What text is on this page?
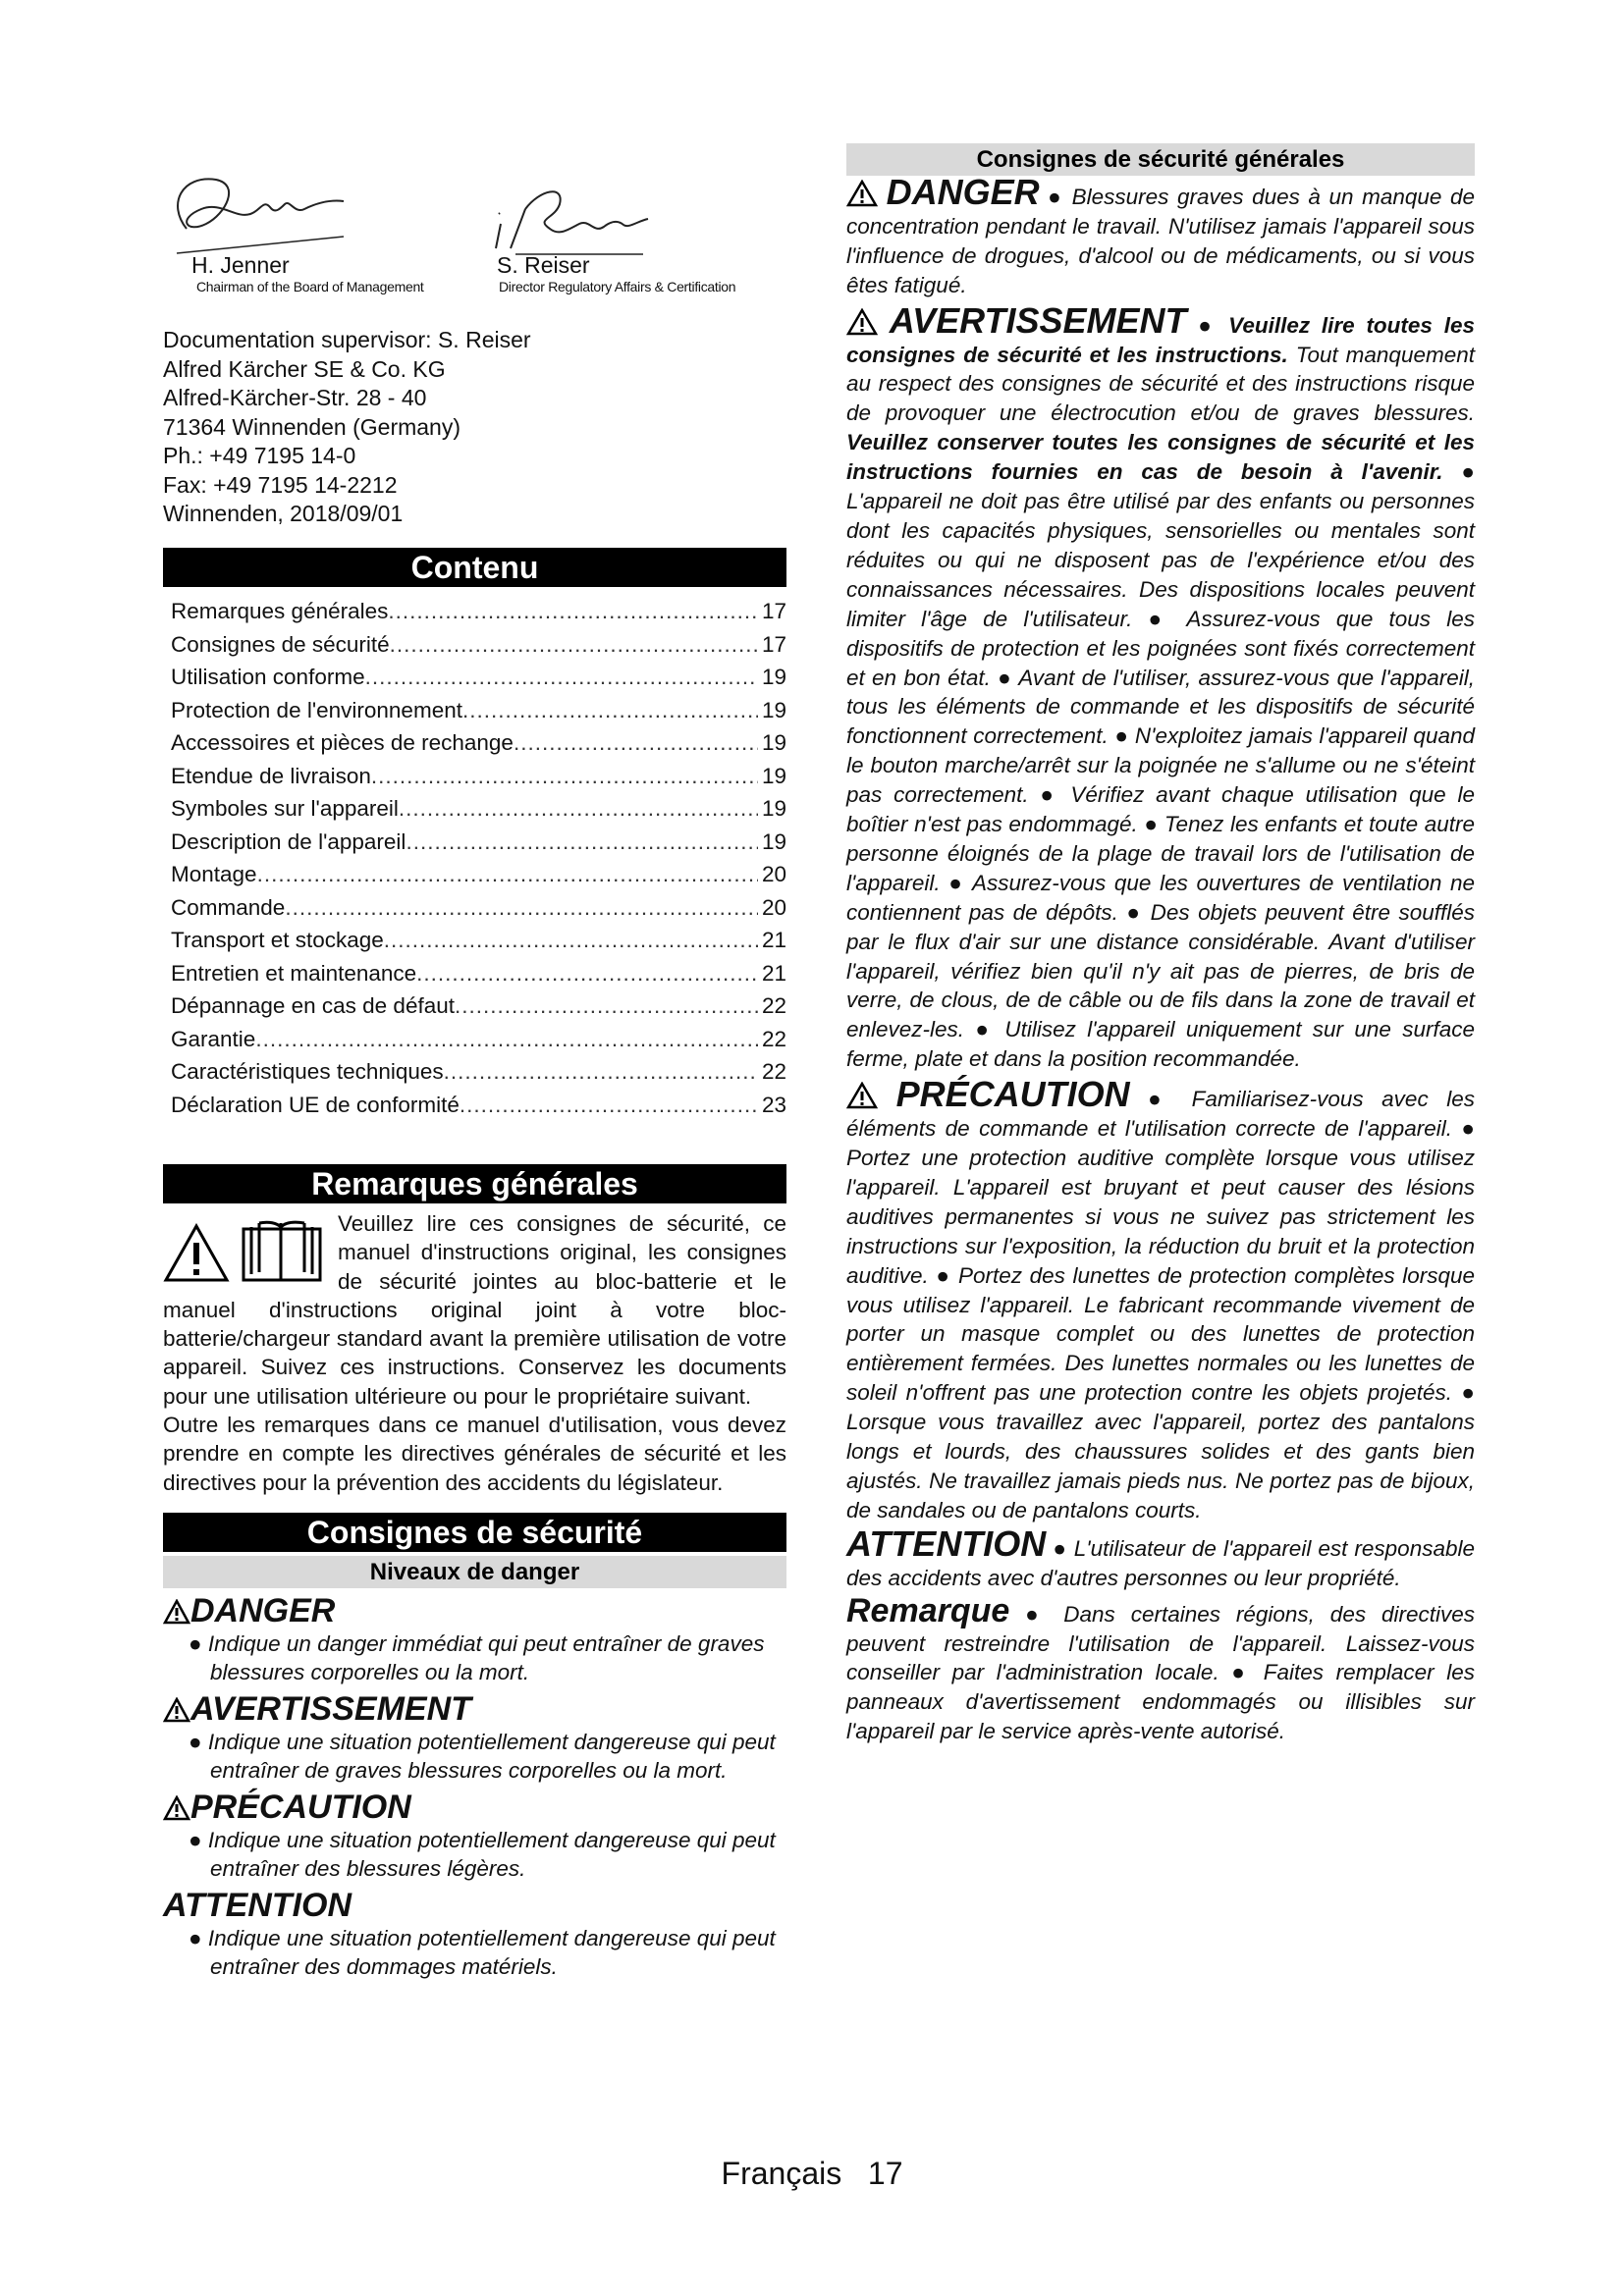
H. Jenner
Chairman of the Board of Management
S. Reiser
Director Regulatory Affairs & Certification
Documentation supervisor: S. Reiser
Alfred Kärcher SE & Co. KG
Alfred-Kärcher-Str. 28 - 40
71364 Winnenden (Germany)
Ph.: +49 7195 14-0
Fax: +49 7195 14-2212
Winnenden, 2018/09/01
Contenu
Remarques générales .....	17
Consignes de sécurité .....	17
Utilisation conforme .....	19
Protection de l'environnement .....	19
Accessoires et pièces de rechange .....	19
Etendue de livraison .....	19
Symboles sur l'appareil .....	19
Description de l'appareil .....	19
Montage .....	20
Commande .....	20
Transport et stockage .....	21
Entretien et maintenance .....	21
Dépannage en cas de défaut .....	22
Garantie .....	22
Caractéristiques techniques .....	22
Déclaration UE de conformité .....	23
Remarques générales
Veuillez lire ces consignes de sécurité, ce manuel d'instructions original, les consignes de sécurité jointes au bloc-batterie et le manuel d'instructions original joint à votre bloc-batterie/chargeur standard avant la première utilisation de votre appareil. Suivez ces instructions. Conservez les documents pour une utilisation ultérieure ou pour le propriétaire suivant.
Outre les remarques dans ce manuel d'utilisation, vous devez prendre en compte les directives générales de sécurité et les directives pour la prévention des accidents du législateur.
Consignes de sécurité
Niveaux de danger
DANGER
● Indique un danger immédiat qui peut entraîner de graves blessures corporelles ou la mort.
AVERTISSEMENT
● Indique une situation potentiellement dangereuse qui peut entraîner de graves blessures corporelles ou la mort.
PRÉCAUTION
● Indique une situation potentiellement dangereuse qui peut entraîner des blessures légères.
ATTENTION
● Indique une situation potentiellement dangereuse qui peut entraîner des dommages matériels.
Consignes de sécurité générales
DANGER ● Blessures graves dues à un manque de concentration pendant le travail. N'utilisez jamais l'appareil sous l'influence de drogues, d'alcool ou de médicaments, ou si vous êtes fatigué.
AVERTISSEMENT ● Veuillez lire toutes les consignes de sécurité et les instructions. Tout manquement au respect des consignes de sécurité et des instructions risque de provoquer une électrocution et/ou de graves blessures. Veuillez conserver toutes les consignes de sécurité et les instructions fournies en cas de besoin à l'avenir. ● L'appareil ne doit pas être utilisé par des enfants ou personnes dont les capacités physiques, sensorielles ou mentales sont réduites ou qui ne disposent pas de l'expérience et/ou des connaissances nécessaires. Des dispositions locales peuvent limiter l'âge de l'utilisateur. ● Assurez-vous que tous les dispositifs de protection et les poignées sont fixés correctement et en bon état. ● Avant de l'utiliser, assurez-vous que l'appareil, tous les éléments de commande et les dispositifs de sécurité fonctionnent correctement. ● N'exploitez jamais l'appareil quand le bouton marche/arrêt sur la poignée ne s'allume ou ne s'éteint pas correctement. ● Vérifiez avant chaque utilisation que le boîtier n'est pas endommagé. ● Tenez les enfants et toute autre personne éloignés de la plage de travail lors de l'utilisation de l'appareil. ● Assurez-vous que les ouvertures de ventilation ne contiennent pas de dépôts. ● Des objets peuvent être soufflés par le flux d'air sur une distance considérable. Avant d'utiliser l'appareil, vérifiez bien qu'il n'y ait pas de pierres, de bris de verre, de clous, de de câble ou de fils dans la zone de travail et enlevez-les. ● Utilisez l'appareil uniquement sur une surface ferme, plate et dans la position recommandée.
PRÉCAUTION ● Familiarisez-vous avec les éléments de commande et l'utilisation correcte de l'appareil. ● Portez une protection auditive complète lorsque vous utilisez l'appareil. L'appareil est bruyant et peut causer des lésions auditives permanentes si vous ne suivez pas strictement les instructions sur l'exposition, la réduction du bruit et la protection auditive. ● Portez des lunettes de protection complètes lorsque vous utilisez l'appareil. Le fabricant recommande vivement de porter un masque complet ou des lunettes de protection entièrement fermées. Des lunettes normales ou les lunettes de soleil n'offrent pas une protection contre les objets projetés. ● Lorsque vous travaillez avec l'appareil, portez des pantalons longs et lourds, des chaussures solides et des gants bien ajustés. Ne travaillez jamais pieds nus. Ne portez pas de bijoux, de sandales ou de pantalons courts.
ATTENTION ● L'utilisateur de l'appareil est responsable des accidents avec d'autres personnes ou leur propriété.
Remarque ● Dans certaines régions, des directives peuvent restreindre l'utilisation de l'appareil. Laissez-vous conseiller par l'administration locale. ● Faites remplacer les panneaux d'avertissement endommagés ou illisibles sur l'appareil par le service après-vente autorisé.
Français 17
